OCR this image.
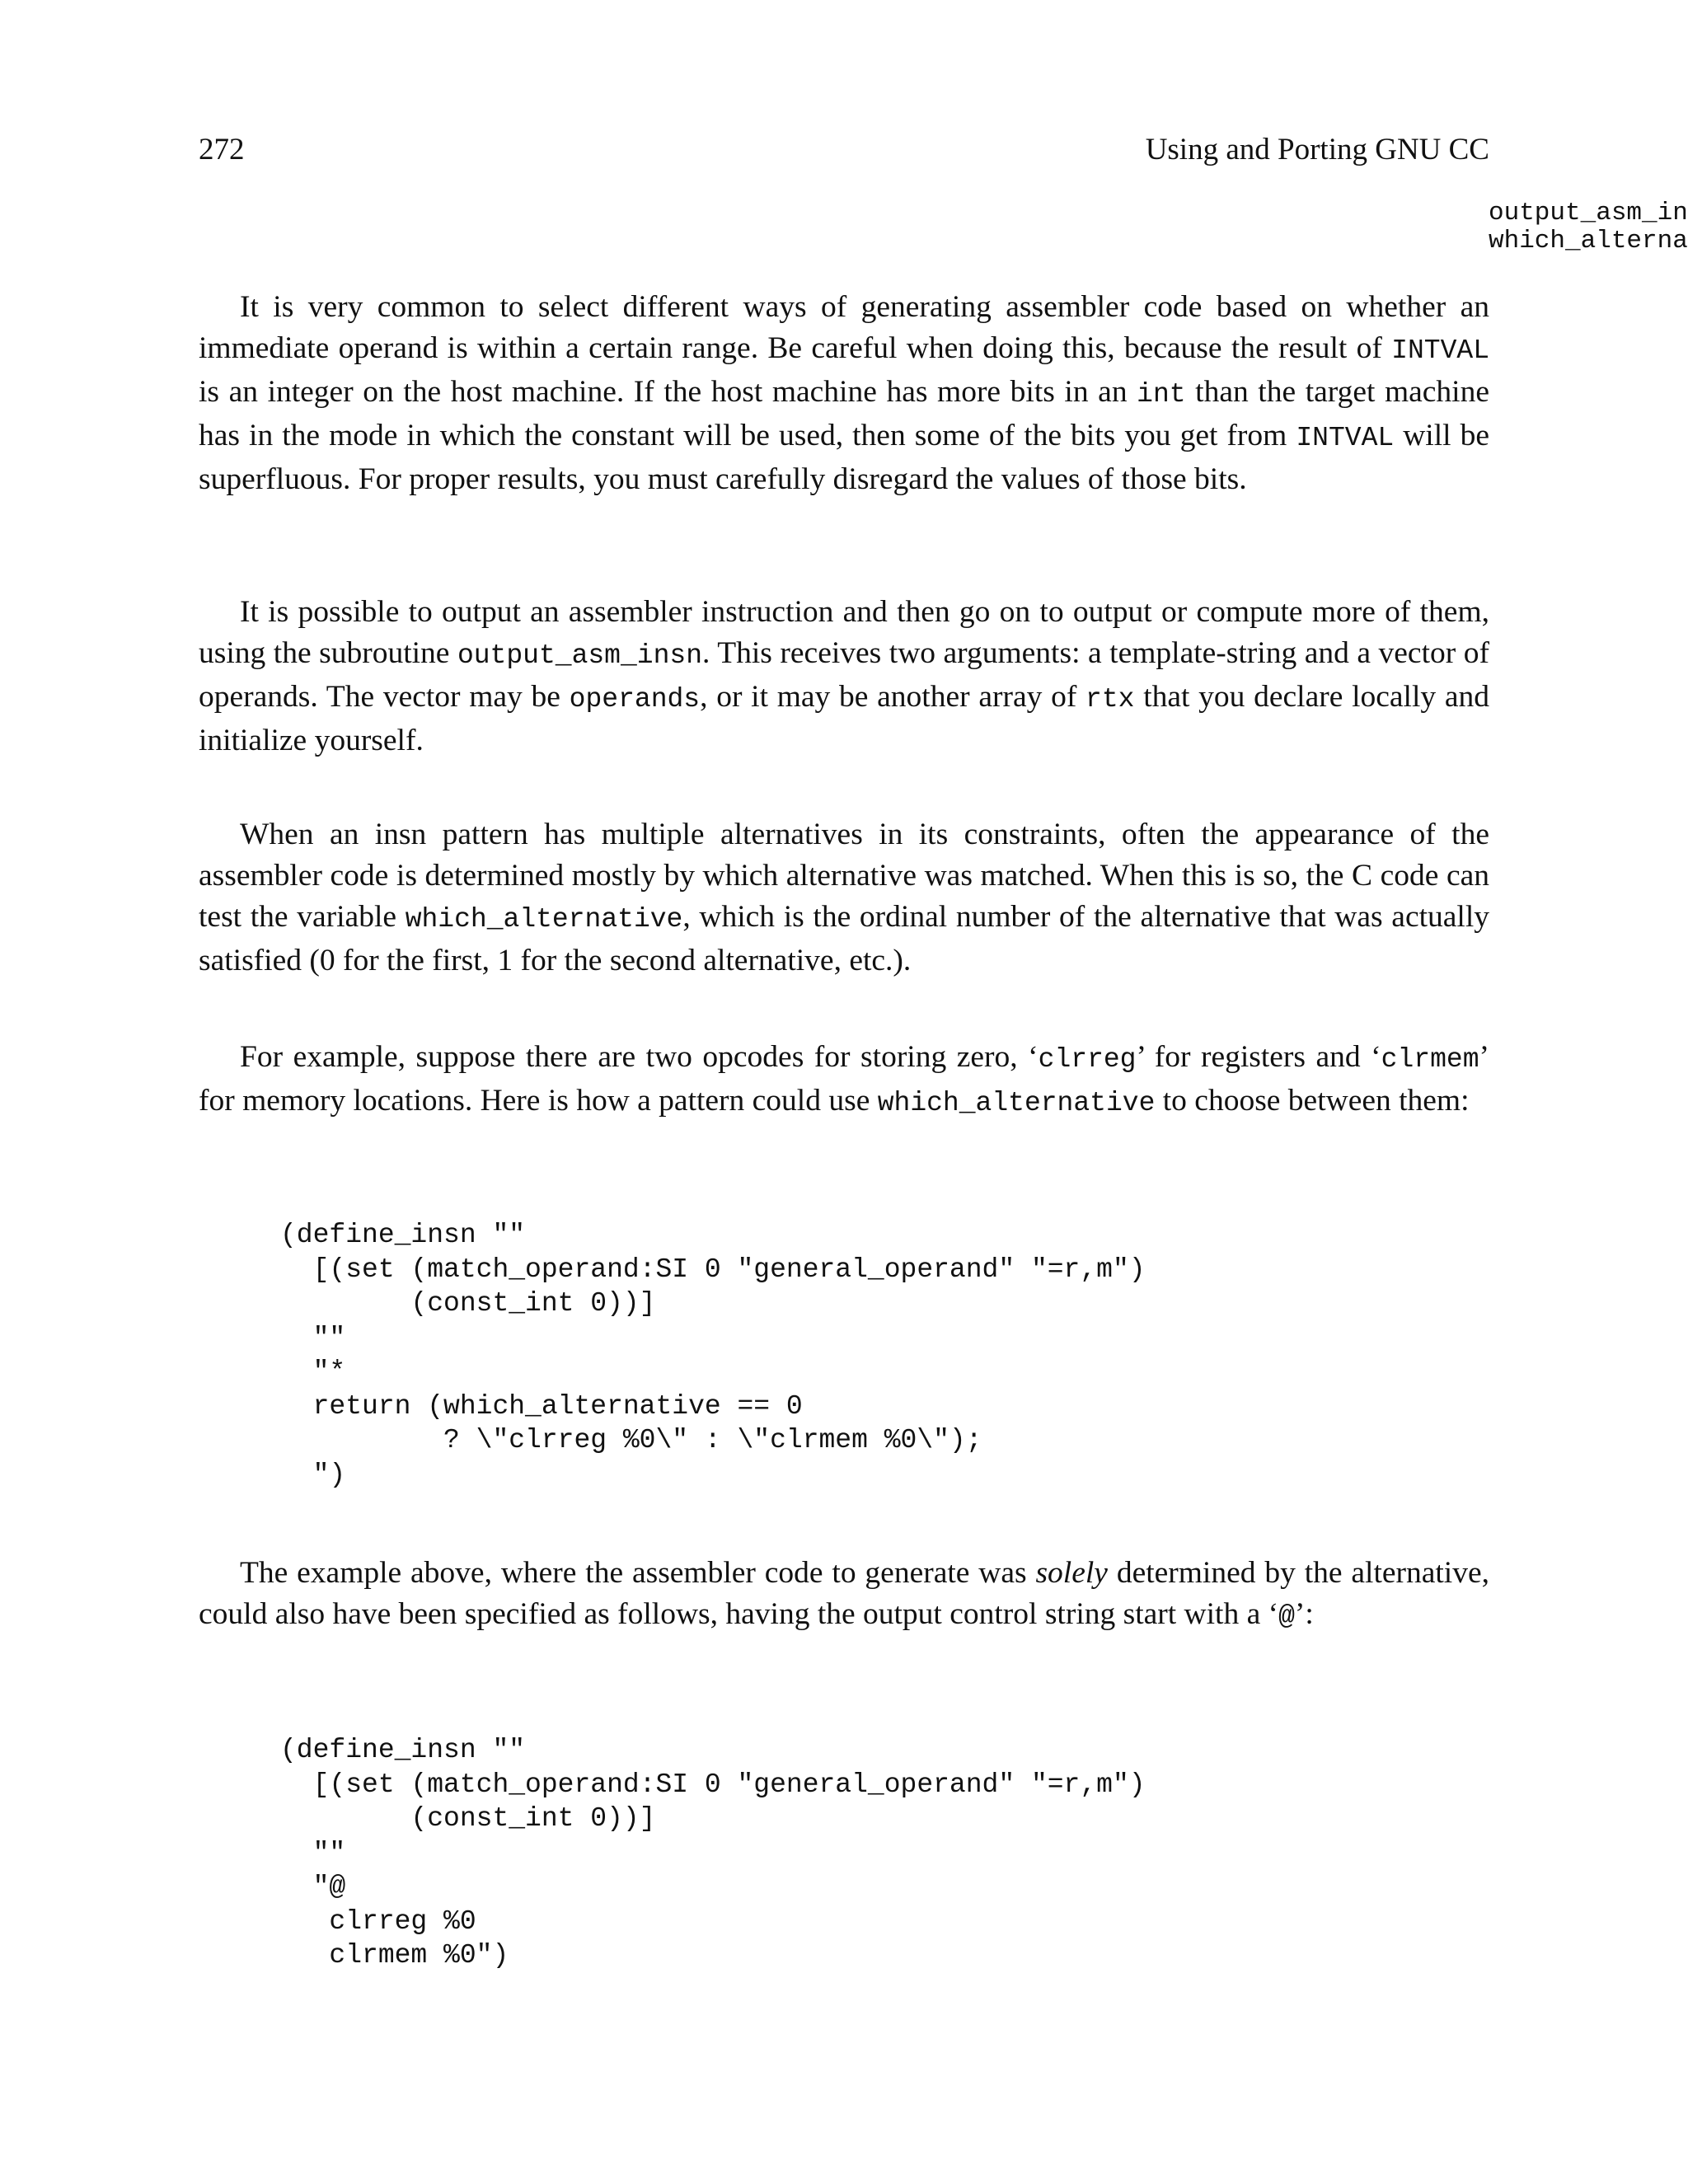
272	Using and Porting GNU CC
output_asm_in
which_alterna

It is very common to select different ways of generating assembler code based on whether an immediate operand is within a certain range. Be careful when doing this, because the result of INTVAL is an integer on the host machine. If the host machine has more bits in an int than the target machine has in the mode in which the constant will be used, then some of the bits you get from INTVAL will be superfluous. For proper results, you must carefully disregard the values of those bits.

It is possible to output an assembler instruction and then go on to output or compute more of them, using the subroutine output_asm_insn. This receives two arguments: a template-string and a vector of operands. The vector may be operands, or it may be another array of rtx that you declare locally and initialize yourself.

When an insn pattern has multiple alternatives in its constraints, often the appearance of the assembler code is determined mostly by which alternative was matched. When this is so, the C code can test the variable which_alternative, which is the ordinal number of the alternative that was actually satisfied (0 for the first, 1 for the second alternative, etc.).

For example, suppose there are two opcodes for storing zero, ‘clrreg’ for registers and ‘clrmem’ for memory locations. Here is how a pattern could use which_alternative to choose between them:

(define_insn ""
[(set (match_operand:SI 0 "general_operand" "=r,m")
(const_int 0))]
""
"*
return (which_alternative == 0
? \"clrreg %0\" : \"clrmem %0\");
")

The example above, where the assembler code to generate was solely determined by the alternative, could also have been specified as follows, having the output control string start with a ‘@’:

(define_insn ""
[(set (match_operand:SI 0 "general_operand" "=r,m")
(const_int 0))]
""
"@
clrreg %0
clrmem %0")
